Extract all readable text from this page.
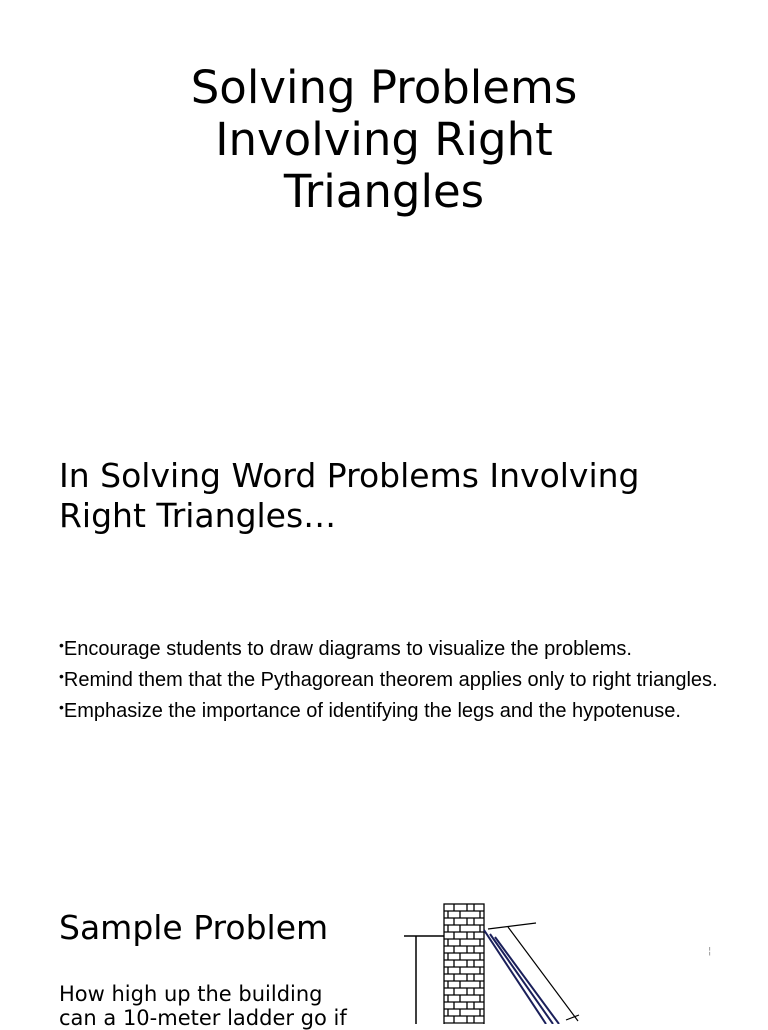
Solving Problems
Involving Right
Triangles
In Solving Word Problems Involving
Right Triangles…
•Encourage students to draw diagrams to visualize the problems.
•Remind them that the Pythagorean theorem applies only to right triangles.
•Emphasize the importance of identifying the legs and the hypotenuse.
Sample Problem
How high up the building
can a 10-meter ladder go if
¦
